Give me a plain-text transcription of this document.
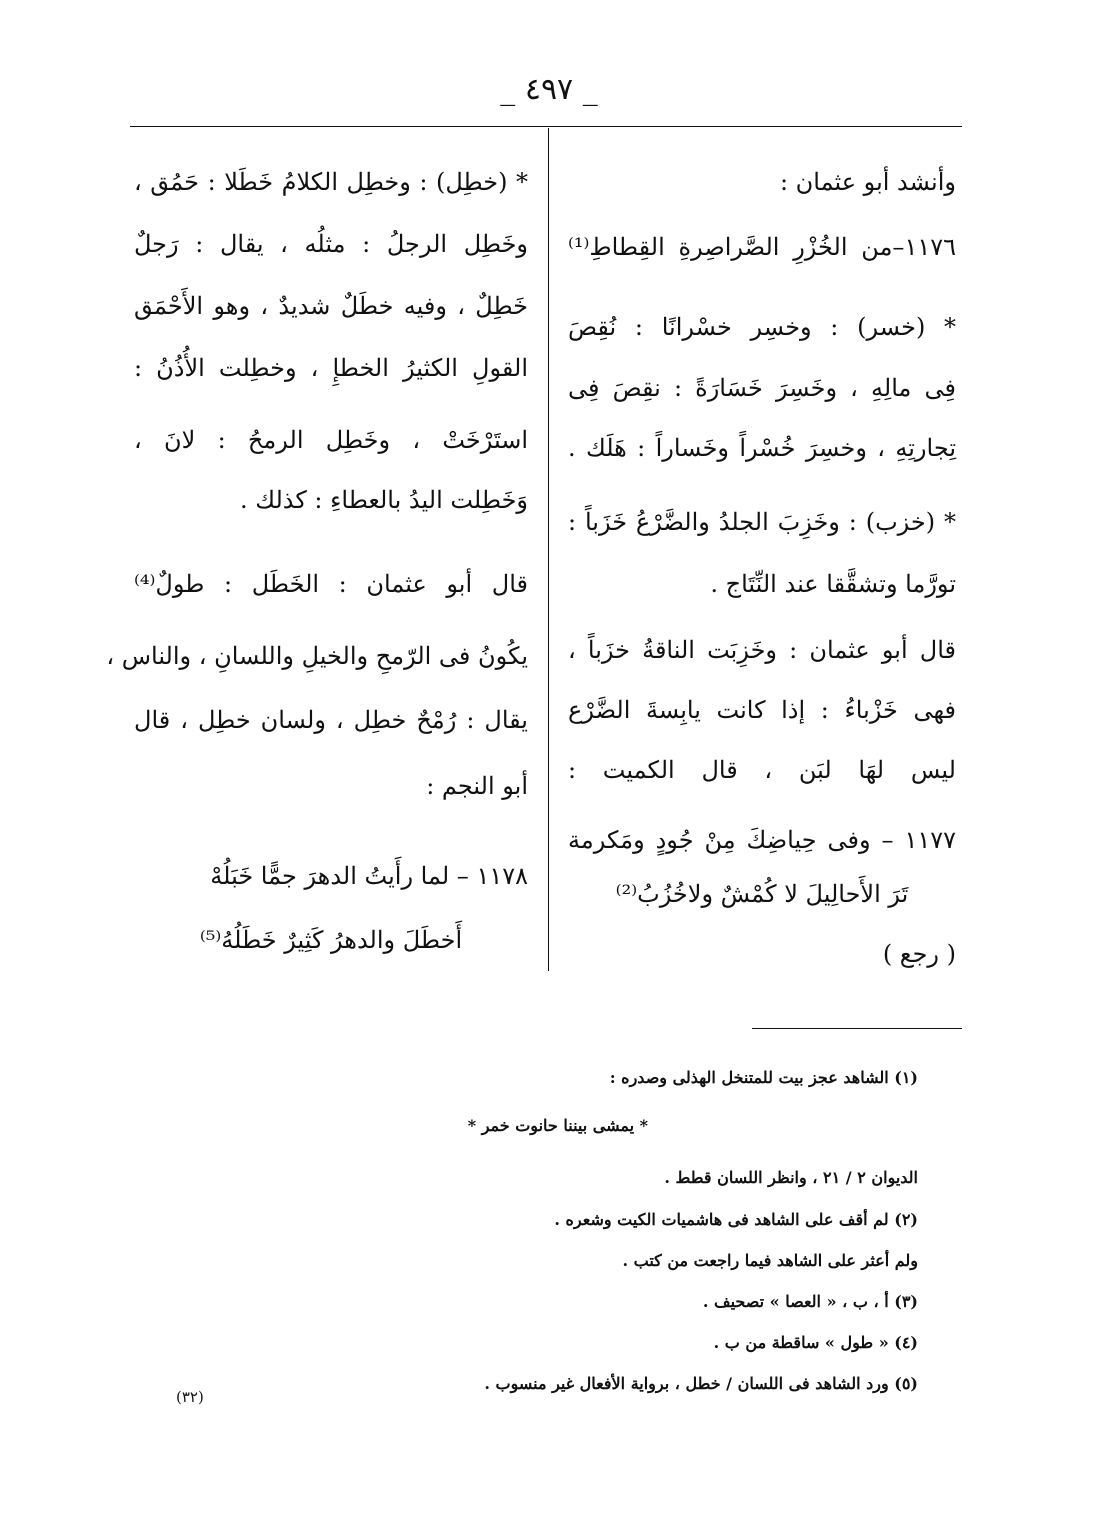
_ ٤٩٧ _
وأنشد أبو عثمان :
١١٧٦–من الخُزْرِ الصَّراصِرةِ القِطاطِ⁽¹⁾
* (خسر) : وخسِر خسْرانًا : نُقِصَ
فِى مالِهِ ، وخَسِرَ خَسَارَةً : نقِصَ فِى
تِجارتِهِ ، وخسِرَ خُسْراً وخَساراً : هَلَك .
* (خزب) : وخَزِبَ الجلدُ والضَّرْعُ خَزَباً :
تورَّما وتشقَّقا عند النِّتَاج .
قال أبو عثمان : وخَزِبَت الناقةُ خزَباً ،
فهى خَزْباءُ : إذا كانت يابِسةَ الضَّرْع
ليس لهَا لبَن ، قال الكميت :
١١٧٧ – وفى حِياضِكَ مِنْ جُودٍ ومَكرمة
تَرَ الأَحالِيلَ لا كُمْشٌ ولاخُزُبُ⁽²⁾
( رجع )
* (خطِل) : وخطِل الكلامُ خَطَلا : حَمُق ،
وخَطِل الرجلُ : مثلُه ، يقال : رَجلٌ
خَطِلٌ ، وفيه خطَلٌ شديدٌ ، وهو الأَحْمَق
القولِ الكثيرُ الخطإِ ، وخطِلت الأُذُنُ :
استَرْخَتْ ، وخَطِل الرمحُ : لانَ ،
وَخَطِلت اليدُ بالعطاءِ : كذلك .
قال أبو عثمان : الخَطَل : طولٌ⁽⁴⁾
يكُونُ فى الرّمحِ والخيلِ واللسانِ ، والناس ،
يقال : رُمْحٌ خطِل ، ولسان خطِل ، قال
أبو النجم :
١١٧٨ – لما رأَيتُ الدهرَ جمًّا خَبَلُهْ
أَخطَلَ والدهرُ كَثِيرٌ خَطَلُهُ⁽⁵⁾
(١) الشاهد عجز بيت للمتنخل الهذلى وصدره :
* يمشى بيننا حانوت خمر *
الديوان ٢ / ٢١ ، وانظر اللسان قطط .
(٢) لم أقف على الشاهد فى هاشميات الكيت وشعره .
ولم أعثر على الشاهد فيما راجعت من كتب .
(٣) أ ، ب ، « العصا » تصحيف .
(٤) « طول » ساقطة من ب .
(٥) ورد الشاهد فى اللسان / خطل ، برواية الأفعال غير منسوب .
(٣٢)
